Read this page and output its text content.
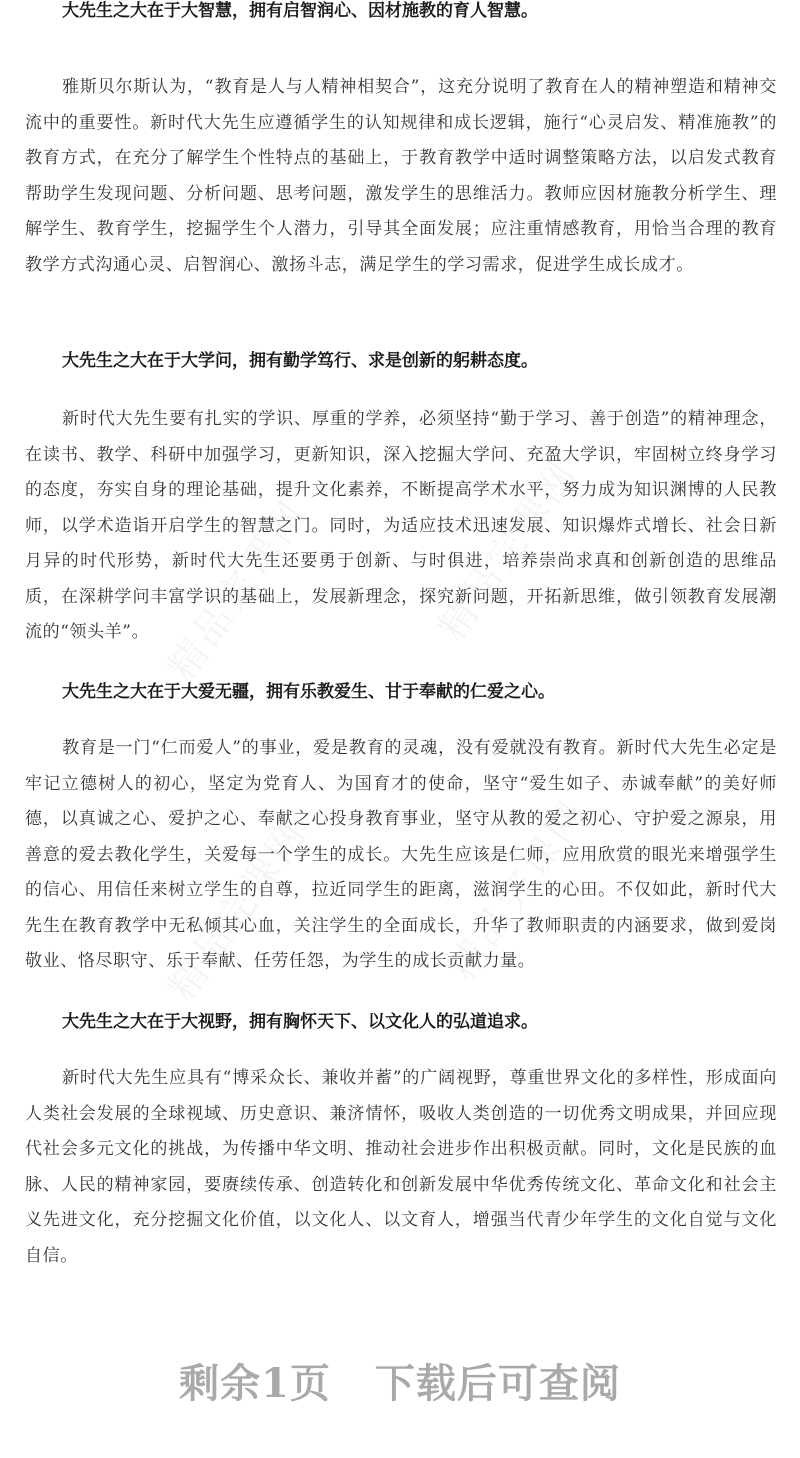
大先生之大在于大智慧，拥有启智润心、因材施教的育人智慧。
雅斯贝尔斯认为，“教育是人与人精神相契合”，这充分说明了教育在人的精神塑造和精神交流中的重要性。新时代大先生应遵循学生的认知规律和成长逻辑，施行“心灵启发、精准施教”的教育方式，在充分了解学生个性特点的基础上，于教育教学中适时调整策略方法，以启发式教育帮助学生发现问题、分析问题、思考问题，激发学生的思维活力。教师应因材施教分析学生、理解学生、教育学生，挖掘学生个人潜力，引导其全面发展；应注重情感教育，用恰当合理的教育教学方式沟通心灵、启智润心、激扬斗志，满足学生的学习需求，促进学生成长成才。
大先生之大在于大学问，拥有勤学笃行、求是创新的躬耕态度。
新时代大先生要有扎实的学识、厚重的学养，必须坚持“勤于学习、善于创造”的精神理念，在读书、教学、科研中加强学习，更新知识，深入挖掘大学问、充盈大学识，牢固树立终身学习的态度，夯实自身的理论基础，提升文化素养，不断提高学术水平，努力成为知识渊博的人民教师，以学术造诣开启学生的智慧之门。同时，为适应技术迅速发展、知识爆炸式增长、社会日新月异的时代形势，新时代大先生还要勇于创新、与时俱进，培养崇尚求真和创新创造的思维品质，在深耕学问丰富学识的基础上，发展新理念，探究新问题，开拓新思维，做引领教育发展潮流的“领头羊”。
大先生之大在于大爱无疆，拥有乐教爱生、甘于奉献的仁爱之心。
教育是一门“仁而爱人”的事业，爱是教育的灵魂，没有爱就没有教育。新时代大先生必定是牢记立德树人的初心，坚定为党育人、为国育才的使命，坚守“爱生如子、赤诚奉献”的美好师德，以真诚之心、爱护之心、奉献之心投身教育事业，坚守从教的爱之初心、守护爱之源泉，用善意的爱去教化学生，关爱每一个学生的成长。大先生应该是仁师，应用欣赏的眼光来增强学生的信心、用信任来树立学生的自尊，拉近同学生的距离，滋润学生的心田。不仅如此，新时代大先生在教育教学中无私倾其心血，关注学生的全面成长，升华了教师职责的内涵要求，做到爱岗敬业、恪尽职守、乐于奉献、任劳任怨，为学生的成长贡献力量。
大先生之大在于大视野，拥有胸怀天下、以文化人的弘道追求。
新时代大先生应具有“博采众长、兼收并蓄”的广阔视野，尊重世界文化的多样性，形成面向人类社会发展的全球视域、历史意识、兼济情怀，吸收人类创造的一切优秀文明成果，并回应现代社会多元文化的挑战，为传播中华文明、推动社会进步作出积极贡献。同时，文化是民族的血脉、人民的精神家园，要赓续传承、创造转化和创新发展中华优秀传统文化、革命文化和社会主义先进文化，充分挖掘文化价值，以文化人、以文育人，增强当代青少年学生的文化自觉与文化自信。
剩余1页 下载后可查阅
